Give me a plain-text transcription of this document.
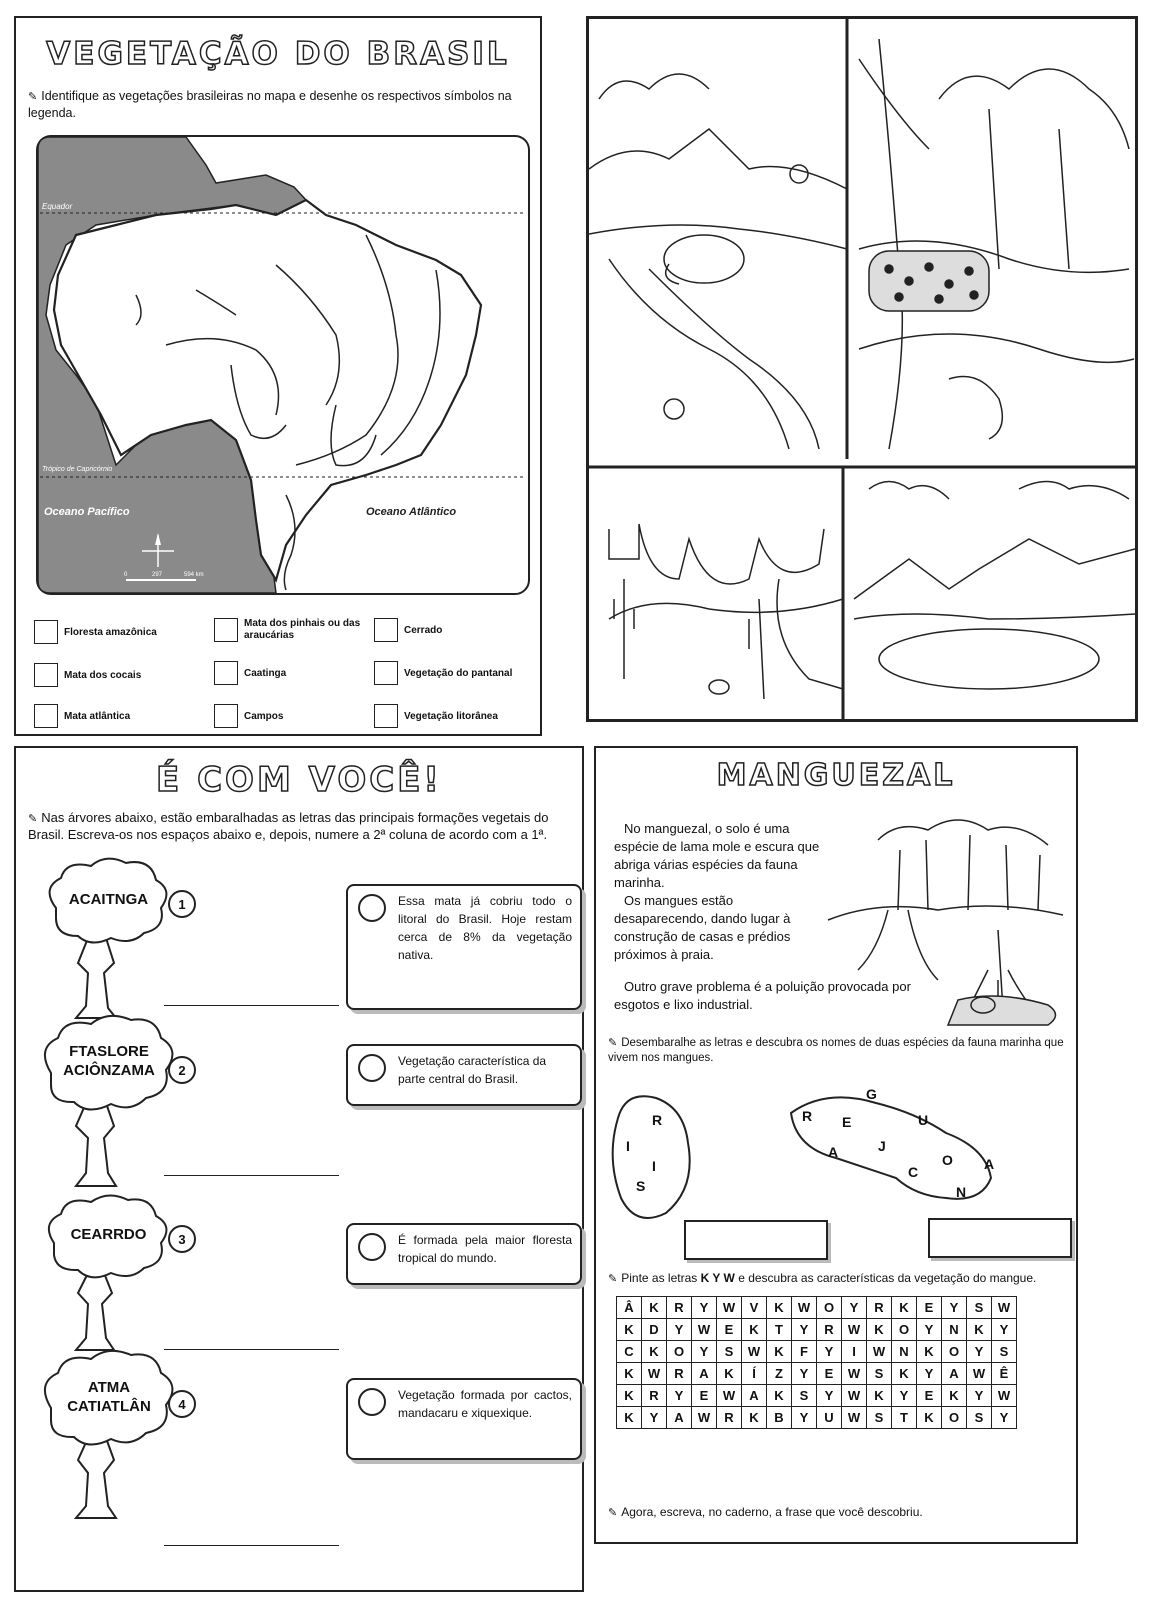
VEGETAÇÃO DO BRASIL
✎ Identifique as vegetações brasileiras no mapa e desenhe os respectivos símbolos na legenda.
Equador
Trópico de Capricórnio
Oceano Pacífico	Oceano Atlântico
0	297	594 km
Floresta amazônica
Mata dos pinhais ou das araucárias	Cerrado
Mata dos cocais	Caatinga	Vegetação do pantanal
Mata atlântica	Campos	Vegetação litorânea
É COM VOCÊ!
✎ Nas árvores abaixo, estão embaralhadas as letras das principais formações vegetais do Brasil. Escreva-os nos espaços abaixo e, depois, numere a 2ª coluna de acordo com a 1ª.
ACAITNGA
FTASLORE ACIÔNZAMA
CEARRDO
ATMA CATIATLÂN
1
2
3
4
Essa mata já cobriu todo o litoral do Brasil. Hoje restam cerca de 8% da vegetação nativa.
Vegetação característica da parte central do Brasil.
É formada pela maior floresta tropical do mundo.
Vegetação formada por cactos, mandacaru e xiquexique.
MANGUEZAL

No manguezal, o solo é uma espécie de lama mole e escura que abriga várias espécies da fauna marinha.

Os mangues estão desaparecendo, dando lugar à construção de casas e prédios próximos à praia.

Outro grave problema é a poluição provocada por esgotos e lixo industrial.

✎ Desembaralhe as letras e descubra os nomes de duas espécies da fauna marinha que vivem nos mangues.
R
I
I
S
G
R E	U
A	J
O
C	A
N
✎ Pinte as letras K Y W e descubra as características da vegetação do mangue.
Â	K	R	Y	W	V	K	W	O	Y	R	K	E	Y	S	W
K	D	Y	W	E	K	T	Y	R	W	K	O	Y	N	K	Y
C	K	O	Y	S	W	K	F	Y	I	W	N	K	O	Y	S
K	W	R	A	K	Í	Z	Y	E	W	S	K	Y	A	W	Ê
K	R	Y	E	W	A	K	S	Y	W	K	Y	E	K	Y	W
K	Y	A	W	R	K	B	Y	U	W	S	T	K	O	S	Y
✎ Agora, escreva, no caderno, a frase que você descobriu.
